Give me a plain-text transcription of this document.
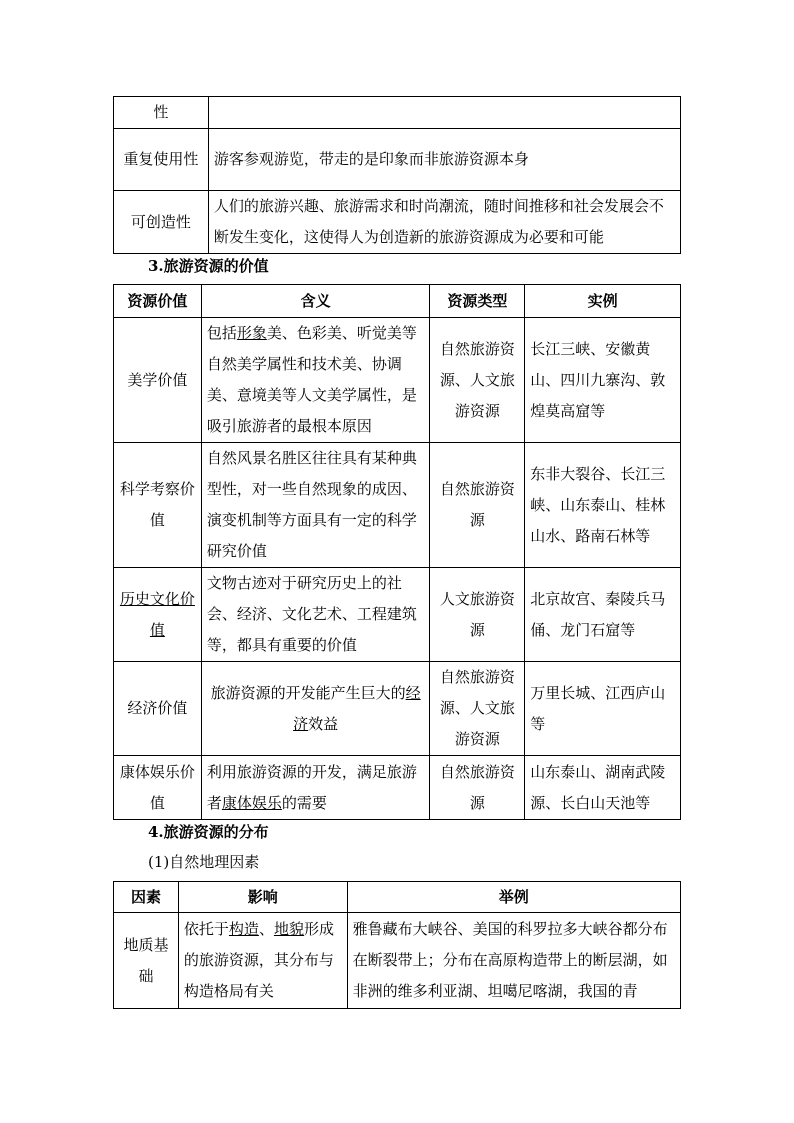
性	
重复使用性	游客参观游览，带走的是印象而非旅游资源本身
可创造性	人们的旅游兴趣、旅游需求和时尚潮流，随时间推移和社会发展会不断发生变化，这使得人为创造新的旅游资源成为必要和可能
3.旅游资源的价值
资源价值	含义	资源类型	实例
美学价值	包括形象美、色彩美、听觉美等自然美学属性和技术美、协调美、意境美等人文美学属性，是吸引旅游者的最根本原因	自然旅游资源、人文旅游资源	长江三峡、安徽黄山、四川九寨沟、敦煌莫高窟等
科学考察价值	自然风景名胜区往往具有某种典型性，对一些自然现象的成因、演变机制等方面具有一定的科学研究价值	自然旅游资源	东非大裂谷、长江三峡、山东泰山、桂林山水、路南石林等
历史文化价值	文物古迹对于研究历史上的社会、经济、文化艺术、工程建筑等，都具有重要的价值	人文旅游资源	北京故宫、秦陵兵马俑、龙门石窟等
经济价值	旅游资源的开发能产生巨大的经济效益	自然旅游资源、人文旅游资源	万里长城、江西庐山等
康体娱乐价值	利用旅游资源的开发，满足旅游者康体娱乐的需要	自然旅游资源	山东泰山、湖南武陵源、长白山天池等
4.旅游资源的分布
(1)自然地理因素
因素	影响	举例
地质基础	依托于构造、地貌形成的旅游资源，其分布与构造格局有关	雅鲁藏布大峡谷、美国的科罗拉多大峡谷都分布在断裂带上；分布在高原构造带上的断层湖，如非洲的维多利亚湖、坦噶尼喀湖，我国的青
